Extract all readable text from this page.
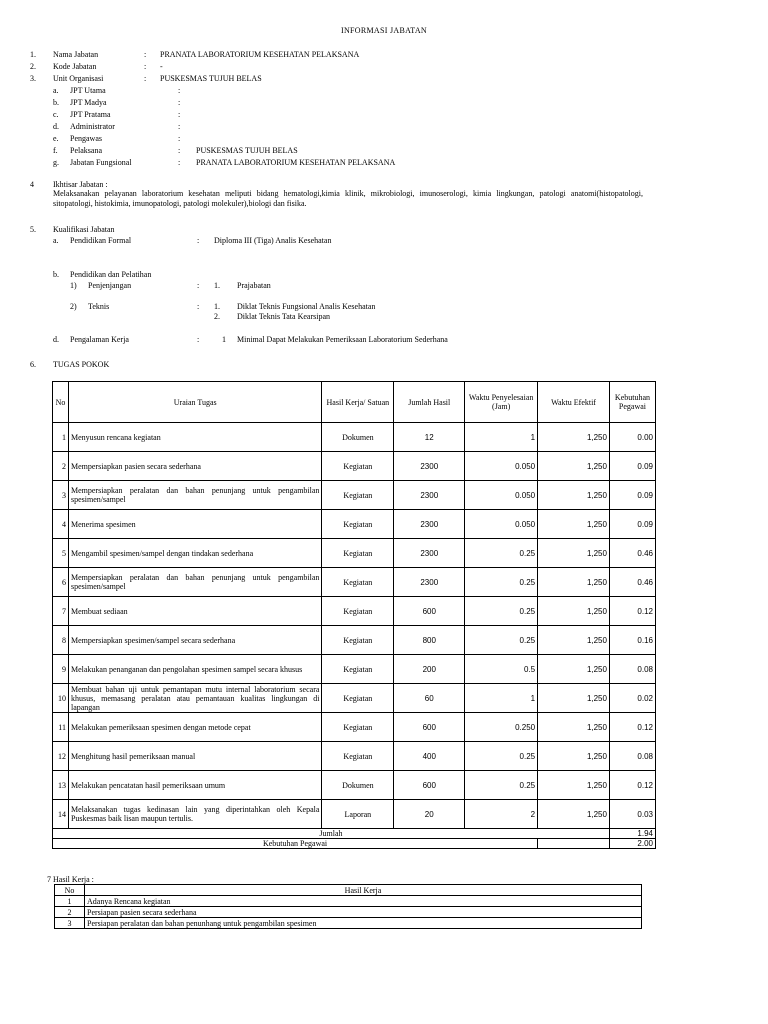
INFORMASI JABATAN
1. Nama Jabatan	: PRANATA LABORATORIUM KESEHATAN PELAKSANA
2. Kode Jabatan	: -
3. Unit Organisasi	: PUSKESMAS TUJUH BELAS
a. JPT Utama	:
b. JPT Madya	:
c. JPT Pratama	:
d. Administrator	:
e. Pengawas	:
f. Pelaksana	: PUSKESMAS TUJUH BELAS
g. Jabatan Fungsional	: PRANATA LABORATORIUM KESEHATAN PELAKSANA
4 Ikhtisar Jabatan :
Melaksanakan pelayanan laboratorium kesehatan meliputi bidang hematologi,kimia klinik, mikrobiologi, imunoserologi, kimia lingkungan, patologi anatomi(histopatologi, sitopatologi, histokimia, imunopatologi, patologi molekuler),biologi dan fisika.
5. Kualifikasi Jabatan
a. Pendidikan Formal	: Diploma III (Tiga) Analis Kesehatan
b. Pendidikan dan Pelatihan
1) Penjenjangan	: 1. Prajabatan
2) Teknis	: 1. Diklat Teknis Fungsional Analis Kesehatan
2. Diklat Teknis Tata Kearsipan
d. Pengalaman Kerja	:	1 Minimal Dapat Melakukan Pemeriksaan Laboratorium Sederhana
6. TUGAS POKOK
No	Uraian Tugas	Hasil Kerja/ Satuan	Jumlah Hasil	Waktu Penyelesaian (Jam)	Waktu Efektif	Kebutuhan Pegawai
1	Menyusun rencana kegiatan	Dokumen	12	1	1,250	0.00
2	Mempersiapkan pasien secara sederhana	Kegiatan	2300	0.050	1,250	0.09
3	Mempersiapkan peralatan dan bahan penunjang untuk pengambilan spesimen/sampel	Kegiatan	2300	0.050	1,250	0.09
4	Menerima spesimen	Kegiatan	2300	0.050	1,250	0.09
5	Mengambil spesimen/sampel dengan tindakan sederhana	Kegiatan	2300	0.25	1,250	0.46
6	Mempersiapkan peralatan dan bahan penunjang untuk pengambilan spesimen/sampel	Kegiatan	2300	0.25	1,250	0.46
7	Membuat sediaan	Kegiatan	600	0.25	1,250	0.12
8	Mempersiapkan spesimen/sampel secara sederhana	Kegiatan	800	0.25	1,250	0.16
9	Melakukan penanganan dan pengolahan spesimen sampel secara khusus	Kegiatan	200	0.5	1,250	0.08
10	Membuat bahan uji untuk pemantapan mutu internal laboratorium secara khusus, memasang peralatan atau pemantauan kualitas lingkungan di lapangan	Kegiatan	60	1	1,250	0.02
11	Melakukan pemeriksaan spesimen dengan metode cepat	Kegiatan	600	0.250	1,250	0.12
12	Menghitung hasil pemeriksaan manual	Kegiatan	400	0.25	1,250	0.08
13	Melakukan pencatatan hasil pemeriksaan umum	Dokumen	600	0.25	1,250	0.12
14	Melaksanakan tugas kedinasan lain yang diperintahkan oleh Kepala Puskesmas baik lisan maupun tertulis.	Laporan	20	2	1,250	0.03
Jumlah						1.94
Kebutuhan Pegawai						2.00
7 Hasil Kerja :
No	Hasil Kerja
1	Adanya Rencana kegiatan
2	Persiapan pasien secara sederhana
3	Persiapan peralatan dan bahan penunhang untuk pengambilan spesimen
